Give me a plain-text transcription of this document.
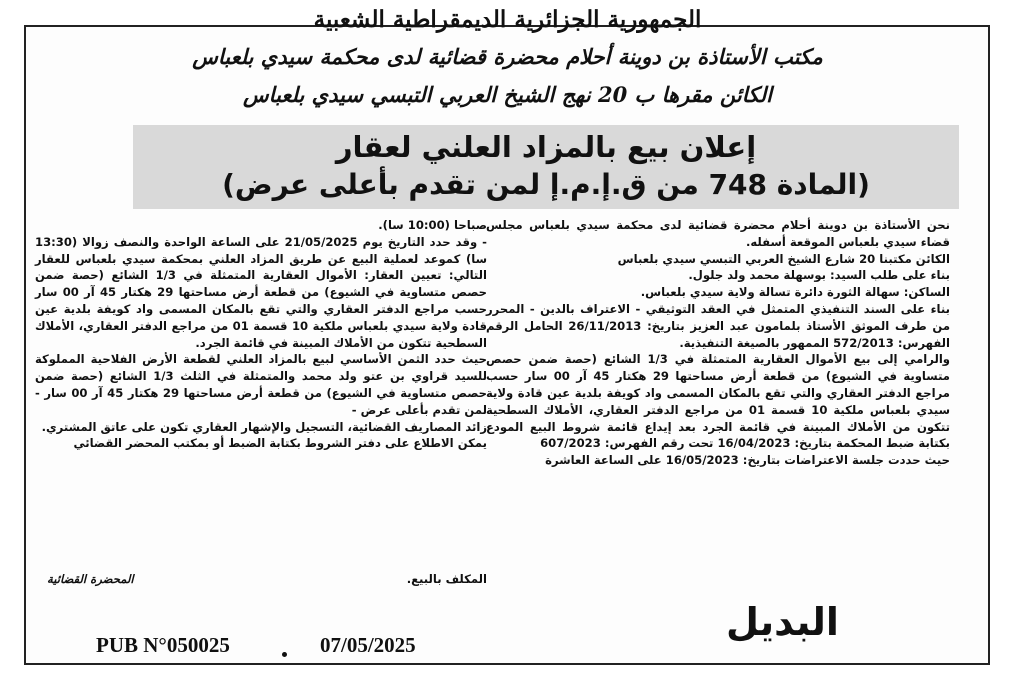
الجمهورية الجزائرية الديمقراطية الشعبية
مكتب الأستاذة بن دوينة أحلام محضرة قضائية لدى محكمة سيدي بلعباس
الكائن مقرها ب 20 نهج الشيخ العربي التبسي سيدي بلعباس
إعلان بيع بالمزاد العلني لعقار
(المادة 748 من ق.إ.م.إ لمن تقدم بأعلى عرض)

نحن الأستاذة بن دوينة أحلام محضرة قضائية لدى محكمة سيدي بلعباس مجلس قضاء سيدي بلعباس الموقعة أسفله.

الكائن مكتبنا 20 شارع الشيخ العربي التبسي سيدي بلعباس

بناء على طلب السيد: بوسهلة محمد ولد جلول.

الساكن: سهالة الثورة دائرة تسالة ولاية سيدي بلعباس.

بناء على السند التنفيذي المتمثل في العقد التوثيقي - الاعتراف بالدين - المحرر من طرف الموثق الأستاذ بلمامون عبد العزيز بتاريخ: 26/11/2013 الحامل الرقم الفهرس: 572/2013 الممهور بالصيغة التنفيذية.

والرامي إلى بيع الأموال العقارية المتمثلة في 1/3 الشائع (حصة ضمن حصص متساوية في الشيوع) من قطعة أرض مساحتها 29 هكتار 45 آر 00 سار حسب مراجع الدفتر العقاري والتي تقع بالمكان المسمى واد كويفة بلدية عين قادة ولاية سيدي بلعباس ملكية 10 قسمة 01 من مراجع الدفتر العقاري، الأملاك السطحية تتكون من الأملاك المبينة في قائمة الجرد بعد إيداع قائمة شروط البيع المودع بكتابة ضبط المحكمة بتاريخ: 16/04/2023 تحت رقم الفهرس: 607/2023

حيث حددت جلسة الاعتراضات بتاريخ: 16/05/2023 على الساعة العاشرة

صباحا (10:00 سا).

- وقد حدد التاريخ يوم 21/05/2025 على الساعة الواحدة والنصف زوالا (13:30 سا) كموعد لعملية البيع عن طريق المزاد العلني بمحكمة سيدي بلعباس للعقار التالي: تعيين العقار: الأموال العقارية المتمثلة في 1/3 الشائع (حصة ضمن حصص متساوية في الشيوع) من قطعة أرض مساحتها 29 هكتار 45 آر 00 سار حسب مراجع الدفتر العقاري والتي تقع بالمكان المسمى واد كويفة بلدية عين قادة ولاية سيدي بلعباس ملكية 10 قسمة 01 من مراجع الدفتر العقاري، الأملاك السطحية تتكون من الأملاك المبينة في قائمة الجرد.

حيث حدد الثمن الأساسي لبيع بالمزاد العلني لقطعة الأرض الفلاحية المملوكة للسيد قراوي بن عتو ولد محمد والمتمثلة في الثلث 1/3 الشائع (حصة ضمن حصص متساوية في الشيوع) من قطعة أرض مساحتها 29 هكتار 45 آر 00 سار - لمن تقدم بأعلى عرض -

زائد المصاريف القضائية، التسجيل والإشهار العقاري تكون على عاتق المشتري.

يمكن الاطلاع على دفتر الشروط بكتابة الضبط أو بمكتب المحضر القضائي

المكلف بالبيع.
المحضرة القضائية
PUB N°050025	07/05/2025
البديل
